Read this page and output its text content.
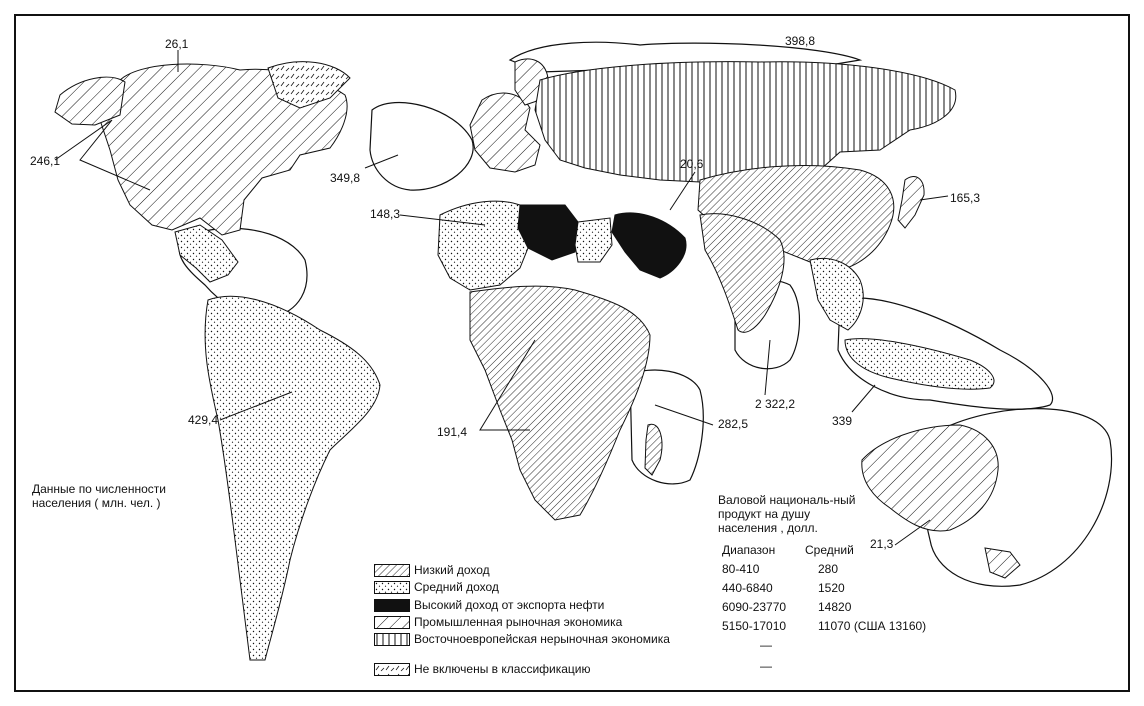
246,1
26,1	398,8
349,8
20,6
148,3
429,4
191,4
282,5
2 322,2
339
165,3
21,3
Данные по численности населения ( млн. чел. )	Валовой националь-ный продукт на душу населения , долл.
Диапазон Средний
Низкий доход
Средний доход
Высокий доход от экспорта нефти
Промышленная рыночная экономика
Восточноевропейская нерыночная экономика
Не включены в классификацию
80-410	280
440-6840	1520
6090-23770	14820
5150-17010	11070 (США 13160)
—
—
